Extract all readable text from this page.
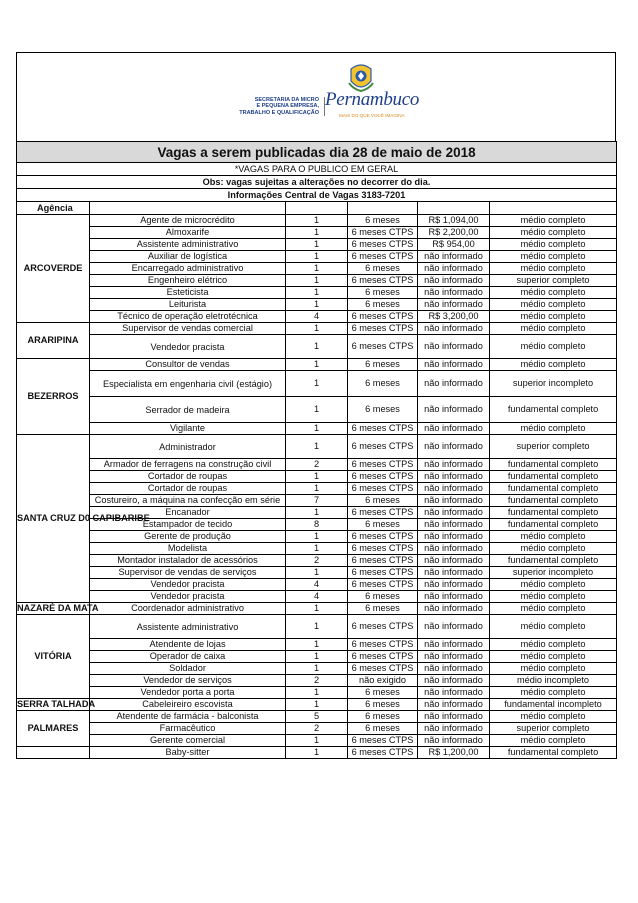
SECRETARIA DA MICRO
E PEQUENA EMPRESA,
TRABALHO E QUALIFICAÇÃO
Pernambuco
MAIS DO QUE VOCÊ IMAGINA
Vagas a serem publicadas dia 28 de maio de 2018					
*VAGAS PARA O PUBLICO EM GERAL					
Obs: vagas sujeitas a alterações no decorrer do dia.					
Informações Central de Vagas 3183-7201					
Agência					
ARCOVERDE	Agente de microcrédito	1	6 meses	R$ 1,094,00	médio completo
	Almoxarife	1	6 meses CTPS	R$ 2,200,00	médio completo
	Assistente administrativo	1	6 meses CTPS	R$ 954,00	médio completo
	Auxiliar de logística	1	6 meses CTPS	não informado	médio completo
	Encarregado administrativo	1	6 meses	não informado	médio completo
	Engenheiro elétrico	1	6 meses CTPS	não informado	superior completo
	Esteticista	1	6 meses	não informado	médio completo
	Leiturista	1	6 meses	não informado	médio completo
	Técnico de operação eletrotécnica	4	6 meses CTPS	R$ 3,200,00	médio completo
ARARIPINA	Supervisor de vendas comercial	1	6 meses CTPS	não informado	médio completo
	Vendedor pracista	1	6 meses CTPS	não informado	médio completo
BEZERROS	Consultor de vendas	1	6 meses	não informado	médio completo
	Especialista em engenharia civil (estágio)	1	6 meses	não informado	superior incompleto
	Serrador de madeira	1	6 meses	não informado	fundamental completo
	Vigilante	1	6 meses CTPS	não informado	médio completo
SANTA CRUZ D0 CAPIBARIBE	Administrador	1	6 meses CTPS	não informado	superior completo
	Armador de ferragens na construção civil	2	6 meses CTPS	não informado	fundamental completo
	Cortador de roupas	1	6 meses CTPS	não informado	fundamental completo
	Cortador de roupas	1	6 meses CTPS	não informado	fundamental completo
	Costureiro, a máquina na confecção em série	7	6 meses	não informado	fundamental completo
	Encanador	1	6 meses CTPS	não informado	fundamental completo
	Estampador de tecido	8	6 meses	não informado	fundamental completo
	Gerente de produção	1	6 meses CTPS	não informado	médio completo
	Modelista	1	6 meses CTPS	não informado	médio completo
	Montador instalador de acessórios	2	6 meses CTPS	não informado	fundamental completo
	Supervisor de vendas de serviços	1	6 meses CTPS	não informado	superior incompleto
	Vendedor pracista	4	6 meses CTPS	não informado	médio completo
	Vendedor pracista	4	6 meses	não informado	médio completo
NAZARÉ DA MATA	Coordenador administrativo	1	6 meses	não informado	médio completo
VITÓRIA	Assistente administrativo	1	6 meses CTPS	não informado	médio completo
	Atendente de lojas	1	6 meses CTPS	não informado	médio completo
	Operador de caixa	1	6 meses CTPS	não informado	médio completo
	Soldador	1	6 meses CTPS	não informado	médio completo
	Vendedor de serviços	2	não exigido	não informado	médio incompleto
	Vendedor porta a porta	1	6 meses	não informado	médio completo
SERRA TALHADA	Cabeleireiro escovista	1	6 meses	não informado	fundamental incompleto
PALMARES	Atendente de farmácia - balconista	5	6 meses	não informado	médio completo
	Farmacêutico	2	6 meses	não informado	superior completo
	Gerente comercial	1	6 meses CTPS	não informado	médio completo
	Baby-sitter	1	6 meses CTPS	R$ 1,200,00	fundamental completo
